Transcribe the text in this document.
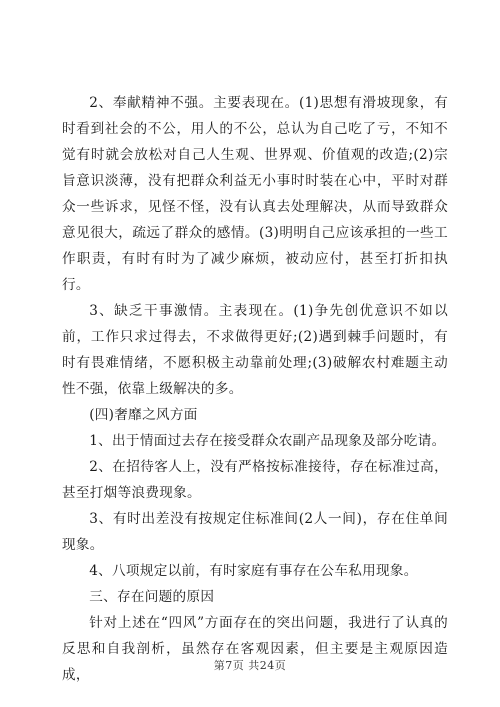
2、奉献精神不强。主要表现在。(1)思想有滑坡现象，有时看到社会的不公，用人的不公，总认为自己吃了亏，不知不觉有时就会放松对自己人生观、世界观、价值观的改造;(2)宗旨意识淡薄，没有把群众利益无小事时时装在心中，平时对群众一些诉求，见怪不怪，没有认真去处理解决，从而导致群众意见很大，疏远了群众的感情。(3)明明自己应该承担的一些工作职责，有时有时为了减少麻烦，被动应付，甚至打折扣执行。

3、缺乏干事激情。主表现在。(1)争先创优意识不如以前，工作只求过得去，不求做得更好;(2)遇到棘手问题时，有时有畏难情绪，不愿积极主动靠前处理;(3)破解农村难题主动性不强，依靠上级解决的多。

(四)奢靡之风方面

1、出于情面过去存在接受群众农副产品现象及部分吃请。

2、在招待客人上，没有严格按标准接待，存在标准过高，甚至打烟等浪费现象。

3、有时出差没有按规定住标准间(2人一间)，存在住单间现象。

4、八项规定以前，有时家庭有事存在公车私用现象。

三、存在问题的原因

针对上述在“四风”方面存在的突出问题，我进行了认真的反思和自我剖析，虽然存在客观因素，但主要是主观原因造成，

第7页 共24页
